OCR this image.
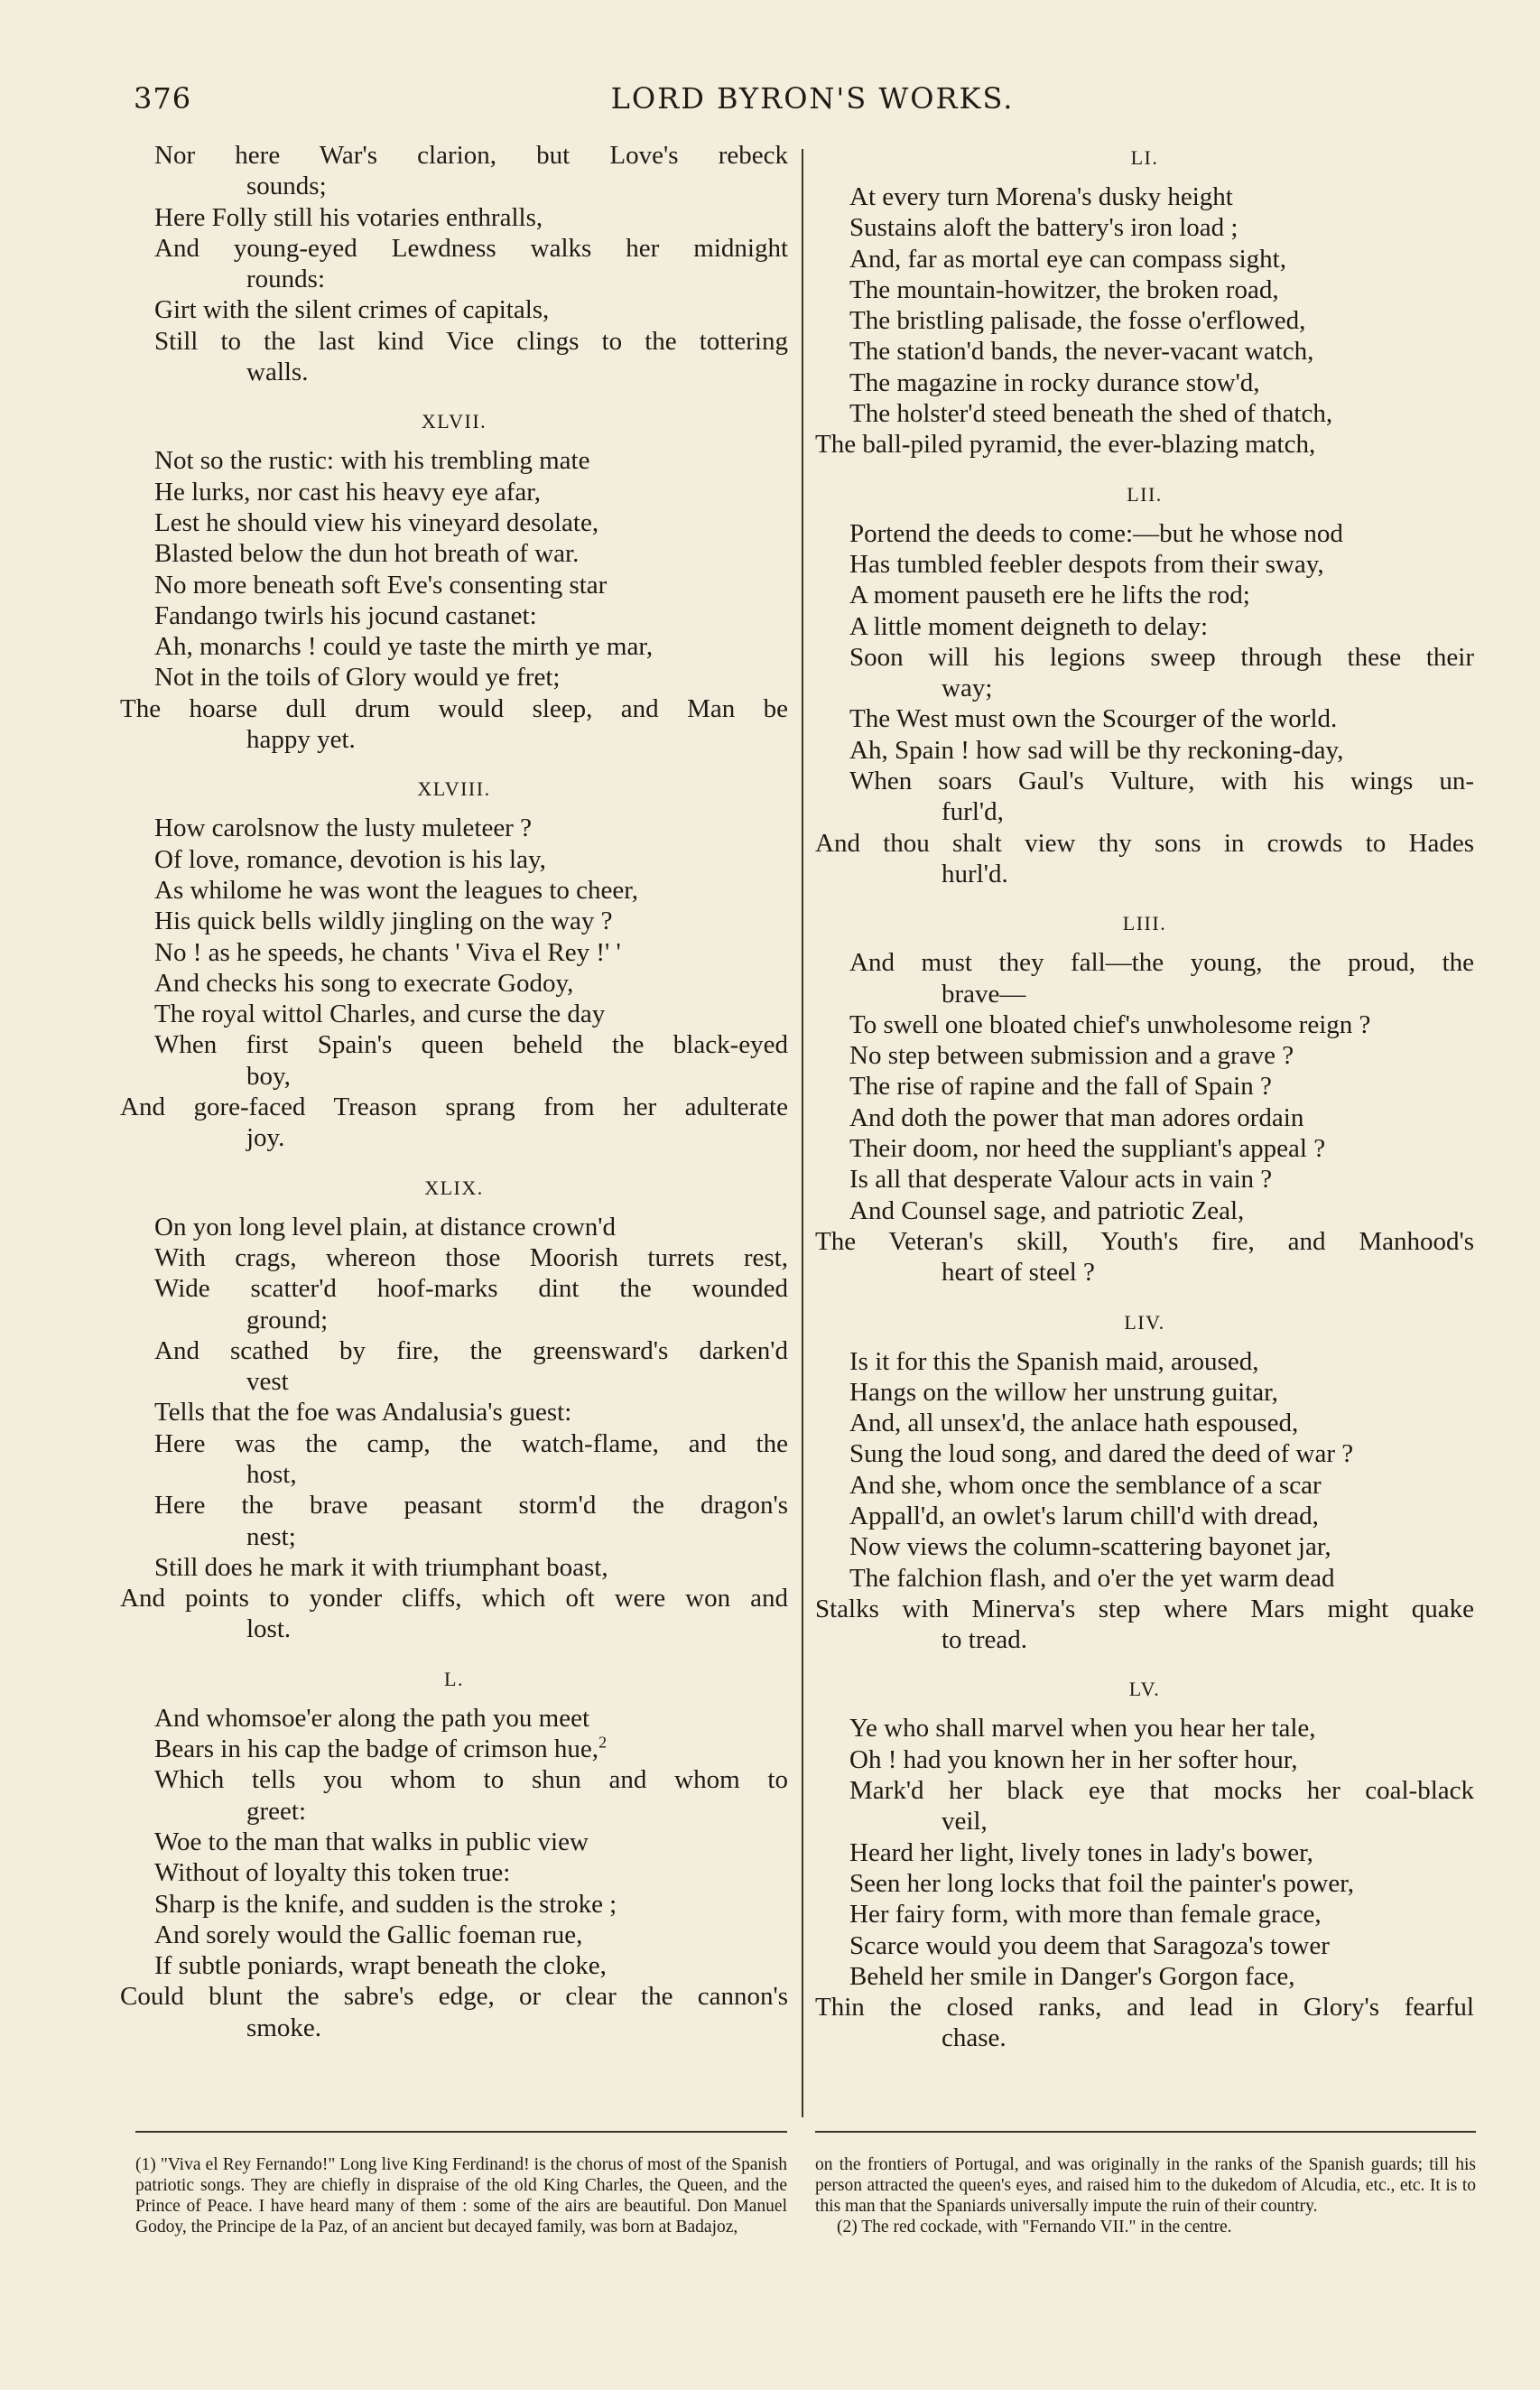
376	LORD BYRON'S WORKS.
Nor here War's clarion, but Love's rebeck
sounds;
Here Folly still his votaries enthralls,
And young-eyed Lewdness walks her midnight
rounds:
Girt with the silent crimes of capitals,
Still to the last kind Vice clings to the tottering
walls.
XLVII.
Not so the rustic: with his trembling mate
He lurks, nor cast his heavy eye afar,
Lest he should view his vineyard desolate,
Blasted below the dun hot breath of war.
No more beneath soft Eve's consenting star
Fandango twirls his jocund castanet:
Ah, monarchs ! could ye taste the mirth ye mar,
Not in the toils of Glory would ye fret;
The hoarse dull drum would sleep, and Man be
happy yet.
XLVIII.
How carolsnow the lusty muleteer ?
Of love, romance, devotion is his lay,
As whilome he was wont the leagues to cheer,
His quick bells wildly jingling on the way ?
No ! as he speeds, he chants ' Viva el Rey !' '
And checks his song to execrate Godoy,
The royal wittol Charles, and curse the day
When first Spain's queen beheld the black-eyed
boy,
And gore-faced Treason sprang from her adulterate
joy.
XLIX.
On yon long level plain, at distance crown'd
With crags, whereon those Moorish turrets rest,
Wide scatter'd hoof-marks dint the wounded
ground;
And scathed by fire, the greensward's darken'd
vest
Tells that the foe was Andalusia's guest:
Here was the camp, the watch-flame, and the
host,
Here the brave peasant storm'd the dragon's
nest;
Still does he mark it with triumphant boast,
And points to yonder cliffs, which oft were won and
lost.
L.
And whomsoe'er along the path you meet
Bears in his cap the badge of crimson hue,$^2$
Which tells you whom to shun and whom to
greet:
Woe to the man that walks in public view
Without of loyalty this token true:
Sharp is the knife, and sudden is the stroke ;
And sorely would the Gallic foeman rue,
If subtle poniards, wrapt beneath the cloke,
Could blunt the sabre's edge, or clear the cannon's
smoke.
LI.
At every turn Morena's dusky height
Sustains aloft the battery's iron load ;
And, far as mortal eye can compass sight,
The mountain-howitzer, the broken road,
The bristling palisade, the fosse o'erflowed,
The station'd bands, the never-vacant watch,
The magazine in rocky durance stow'd,
The holster'd steed beneath the shed of thatch,
The ball-piled pyramid, the ever-blazing match,
LII.
Portend the deeds to come:—but he whose nod
Has tumbled feebler despots from their sway,
A moment pauseth ere he lifts the rod;
A little moment deigneth to delay:
Soon will his legions sweep through these their
way;
The West must own the Scourger of the world.
Ah, Spain ! how sad will be thy reckoning-day,
When soars Gaul's Vulture, with his wings un-
furl'd,
And thou shalt view thy sons in crowds to Hades
hurl'd.
LIII.
And must they fall—the young, the proud, the
brave—
To swell one bloated chief's unwholesome reign ?
No step between submission and a grave ?
The rise of rapine and the fall of Spain ?
And doth the power that man adores ordain
Their doom, nor heed the suppliant's appeal ?
Is all that desperate Valour acts in vain ?
And Counsel sage, and patriotic Zeal,
The Veteran's skill, Youth's fire, and Manhood's
heart of steel ?
LIV.
Is it for this the Spanish maid, aroused,
Hangs on the willow her unstrung guitar,
And, all unsex'd, the anlace hath espoused,
Sung the loud song, and dared the deed of war ?
And she, whom once the semblance of a scar
Appall'd, an owlet's larum chill'd with dread,
Now views the column-scattering bayonet jar,
The falchion flash, and o'er the yet warm dead
Stalks with Minerva's step where Mars might quake
to tread.
LV.
Ye who shall marvel when you hear her tale,
Oh ! had you known her in her softer hour,
Mark'd her black eye that mocks her coal-black
veil,
Heard her light, lively tones in lady's bower,
Seen her long locks that foil the painter's power,
Her fairy form, with more than female grace,
Scarce would you deem that Saragoza's tower
Beheld her smile in Danger's Gorgon face,
Thin the closed ranks, and lead in Glory's fearful
chase.

(1) "Viva el Rey Fernando!" Long live King Ferdinand! is the chorus of most of the Spanish patriotic songs. They are chiefly in dispraise of the old King Charles, the Queen, and the Prince of Peace. I have heard many of them : some of the airs are beautiful. Don Manuel Godoy, the Principe de la Paz, of an ancient but decayed family, was born at Badajoz,

on the frontiers of Portugal, and was originally in the ranks of the Spanish guards; till his person attracted the queen's eyes, and raised him to the dukedom of Alcudia, etc., etc. It is to this man that the Spaniards universally impute the ruin of their country.

(2) The red cockade, with "Fernando VII." in the centre.
